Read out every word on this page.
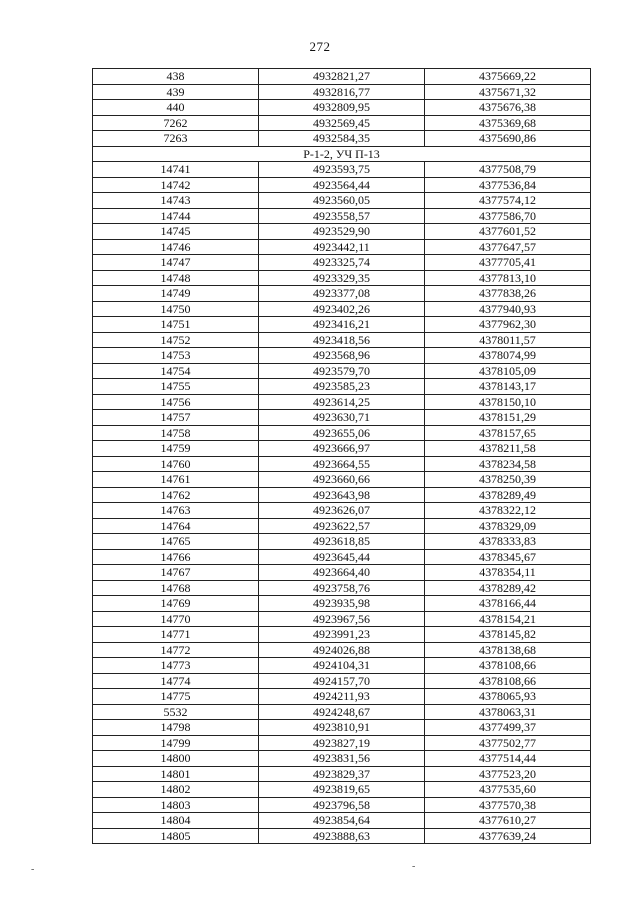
272
438	4932821,27	4375669,22
439	4932816,77	4375671,32
440	4932809,95	4375676,38
7262	4932569,45	4375369,68
7263	4932584,35	4375690,86
Р-1-2, УЧ П-13		
14741	4923593,75	4377508,79
14742	4923564,44	4377536,84
14743	4923560,05	4377574,12
14744	4923558,57	4377586,70
14745	4923529,90	4377601,52
14746	4923442,11	4377647,57
14747	4923325,74	4377705,41
14748	4923329,35	4377813,10
14749	4923377,08	4377838,26
14750	4923402,26	4377940,93
14751	4923416,21	4377962,30
14752	4923418,56	4378011,57
14753	4923568,96	4378074,99
14754	4923579,70	4378105,09
14755	4923585,23	4378143,17
14756	4923614,25	4378150,10
14757	4923630,71	4378151,29
14758	4923655,06	4378157,65
14759	4923666,97	4378211,58
14760	4923664,55	4378234,58
14761	4923660,66	4378250,39
14762	4923643,98	4378289,49
14763	4923626,07	4378322,12
14764	4923622,57	4378329,09
14765	4923618,85	4378333,83
14766	4923645,44	4378345,67
14767	4923664,40	4378354,11
14768	4923758,76	4378289,42
14769	4923935,98	4378166,44
14770	4923967,56	4378154,21
14771	4923991,23	4378145,82
14772	4924026,88	4378138,68
14773	4924104,31	4378108,66
14774	4924157,70	4378108,66
14775	4924211,93	4378065,93
5532	4924248,67	4378063,31
14798	4923810,91	4377499,37
14799	4923827,19	4377502,77
14800	4923831,56	4377514,44
14801	4923829,37	4377523,20
14802	4923819,65	4377535,60
14803	4923796,58	4377570,38
14804	4923854,64	4377610,27
14805	4923888,63	4377639,24
-	-
